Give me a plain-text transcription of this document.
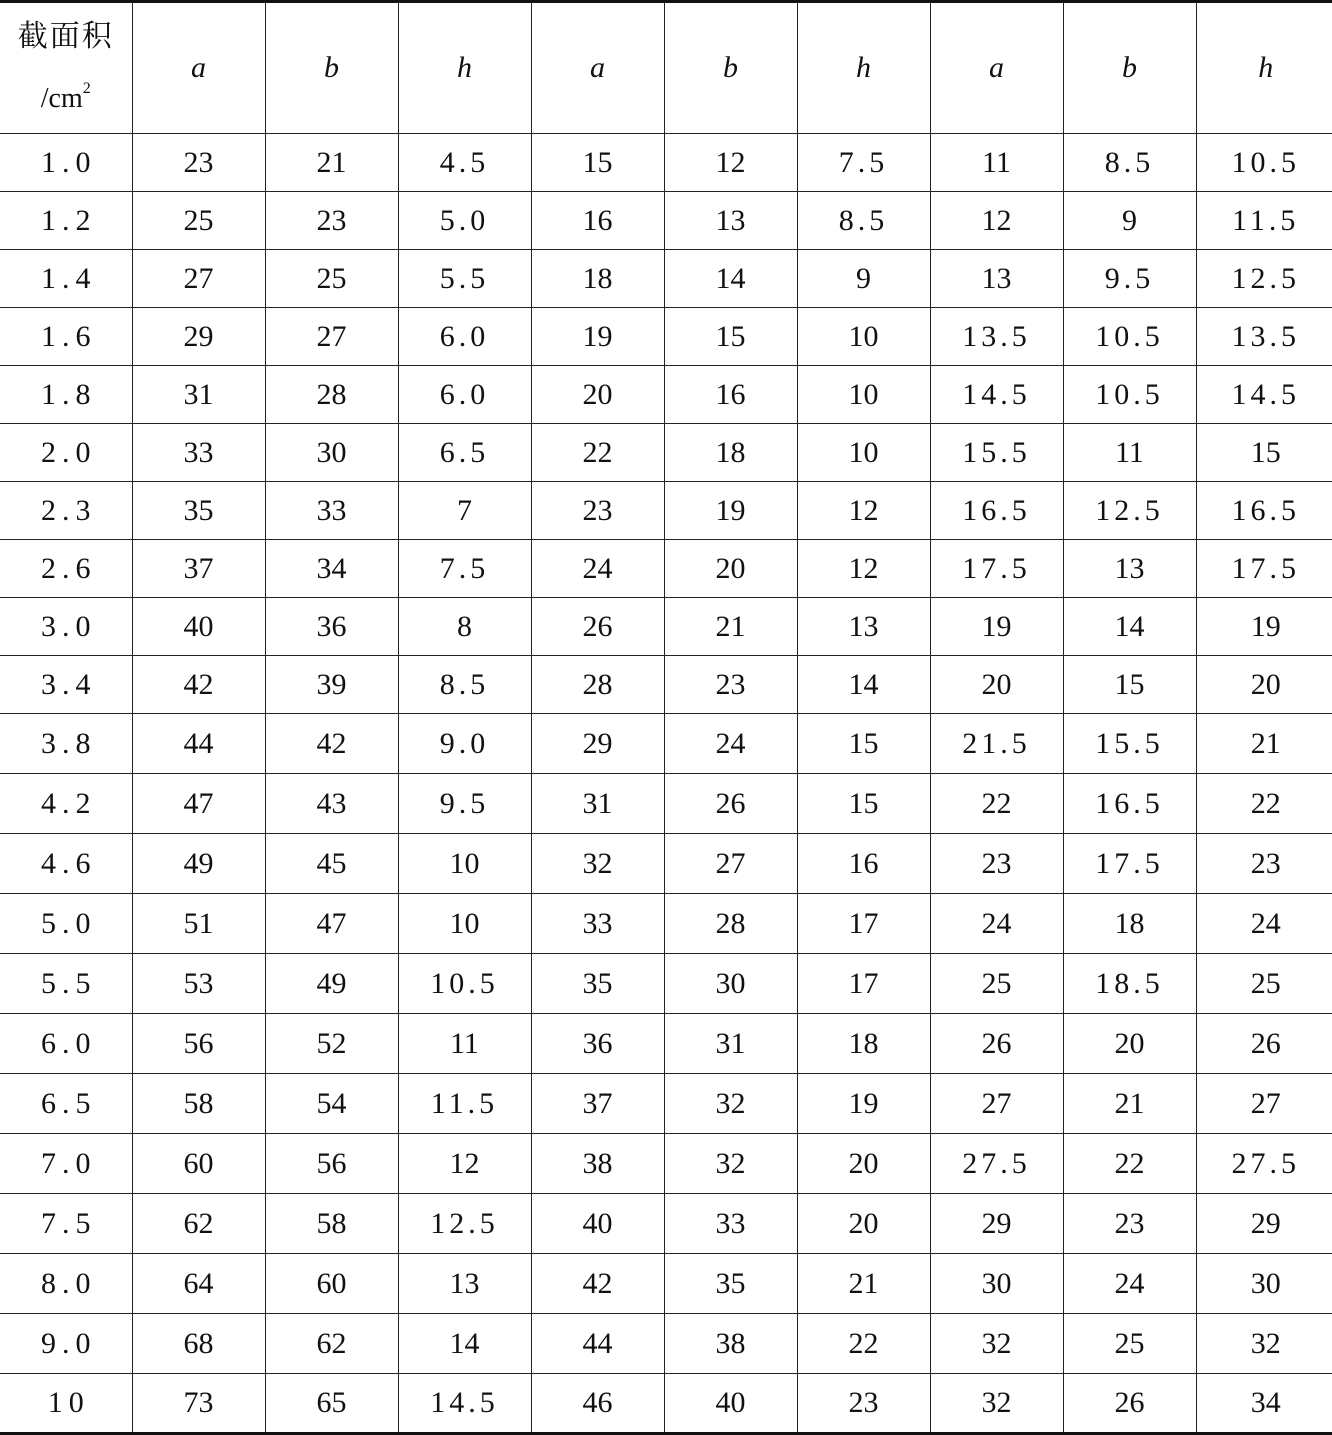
截面积
$/cm^2$	a	b	h	a	b	h	a	b	h
1.0	23	21	4.5	15	12	7.5	11	8.5	10.5
1.2	25	23	5.0	16	13	8.5	12	9	11.5
1.4	27	25	5.5	18	14	9	13	9.5	12.5
1.6	29	27	6.0	19	15	10	13.5	10.5	13.5
1.8	31	28	6.0	20	16	10	14.5	10.5	14.5
2.0	33	30	6.5	22	18	10	15.5	11	15
2.3	35	33	7	23	19	12	16.5	12.5	16.5
2.6	37	34	7.5	24	20	12	17.5	13	17.5
3.0	40	36	8	26	21	13	19	14	19
3.4	42	39	8.5	28	23	14	20	15	20
3.8	44	42	9.0	29	24	15	21.5	15.5	21
4.2	47	43	9.5	31	26	15	22	16.5	22
4.6	49	45	10	32	27	16	23	17.5	23
5.0	51	47	10	33	28	17	24	18	24
5.5	53	49	10.5	35	30	17	25	18.5	25
6.0	56	52	11	36	31	18	26	20	26
6.5	58	54	11.5	37	32	19	27	21	27
7.0	60	56	12	38	32	20	27.5	22	27.5
7.5	62	58	12.5	40	33	20	29	23	29
8.0	64	60	13	42	35	21	30	24	30
9.0	68	62	14	44	38	22	32	25	32
10	73	65	14.5	46	40	23	32	26	34
